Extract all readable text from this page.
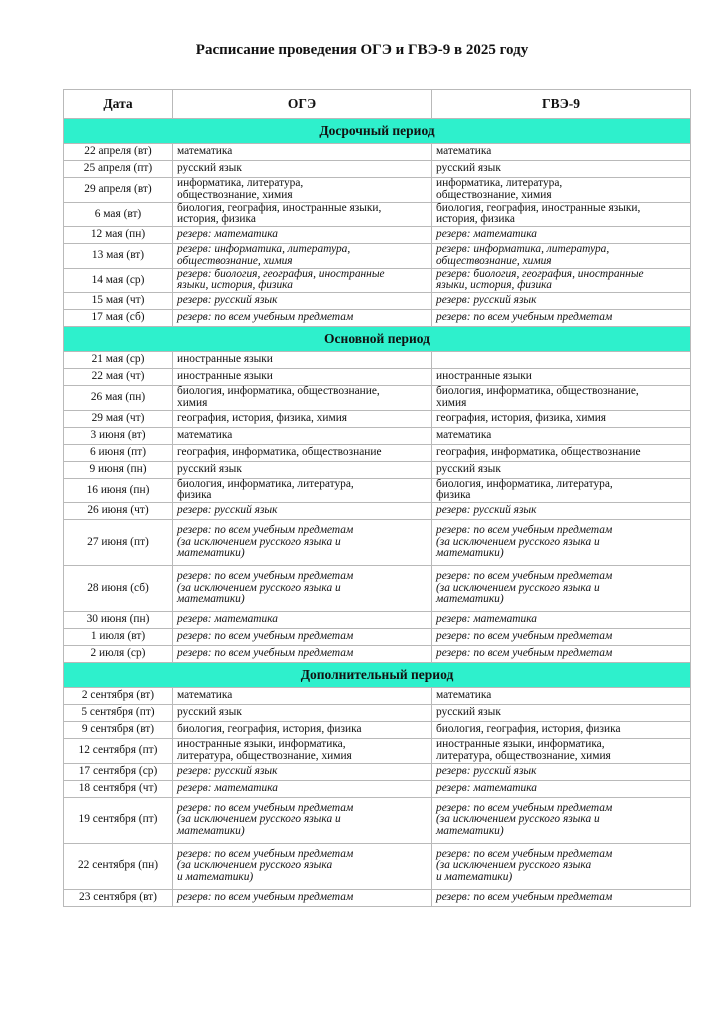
Расписание проведения ОГЭ и ГВЭ-9 в 2025 году
Дата	ОГЭ	ГВЭ-9
Досрочный период		
22 апреля (вт)	математика	математика
25 апреля (пт)	русский язык	русский язык
29 апреля (вт)	информатика, литература,
обществознание, химия	информатика, литература,
обществознание, химия
6 мая (вт)	биология, география, иностранные языки,
история, физика	биология, география, иностранные языки,
история, физика
12 мая (пн)	резерв: математика	резерв: математика
13 мая (вт)	резерв: информатика, литература,
обществознание, химия	резерв: информатика, литература,
обществознание, химия
14 мая (ср)	резерв: биология, география, иностранные
языки, история, физика	резерв: биология, география, иностранные
языки, история, физика
15 мая (чт)	резерв: русский язык	резерв: русский язык
17 мая (сб)	резерв: по всем учебным предметам	резерв: по всем учебным предметам
Основной период		
21 мая (ср)	иностранные языки	
22 мая (чт)	иностранные языки	иностранные языки
26 мая (пн)	биология, информатика, обществознание,
химия	биология, информатика, обществознание,
химия
29 мая (чт)	география, история, физика, химия	география, история, физика, химия
3 июня (вт)	математика	математика
6 июня (пт)	география, информатика, обществознание	география, информатика, обществознание
9 июня (пн)	русский язык	русский язык
16 июня (пн)	биология, информатика, литература,
физика	биология, информатика, литература,
физика
26 июня (чт)	резерв: русский язык	резерв: русский язык
27 июня (пт)	резерв: по всем учебным предметам
(за исключением русского языка и
математики)	резерв: по всем учебным предметам
(за исключением русского языка и
математики)
28 июня (сб)	резерв: по всем учебным предметам
(за исключением русского языка и
математики)	резерв: по всем учебным предметам
(за исключением русского языка и
математики)
30 июня (пн)	резерв: математика	резерв: математика
1 июля (вт)	резерв: по всем учебным предметам	резерв: по всем учебным предметам
2 июля (ср)	резерв: по всем учебным предметам	резерв: по всем учебным предметам
Дополнительный период		
2 сентября (вт)	математика	математика
5 сентября (пт)	русский язык	русский язык
9 сентября (вт)	биология, география, история, физика	биология, география, история, физика
12 сентября (пт)	иностранные языки, информатика,
литература, обществознание, химия	иностранные языки, информатика,
литература, обществознание, химия
17 сентября (ср)	резерв: русский язык	резерв: русский язык
18 сентября (чт)	резерв: математика	резерв: математика
19 сентября (пт)	резерв: по всем учебным предметам
(за исключением русского языка и
математики)	резерв: по всем учебным предметам
(за исключением русского языка и
математики)
22 сентября (пн)	резерв: по всем учебным предметам
(за исключением русского языка
и математики)	резерв: по всем учебным предметам
(за исключением русского языка
и математики)
23 сентября (вт)	резерв: по всем учебным предметам	резерв: по всем учебным предметам
